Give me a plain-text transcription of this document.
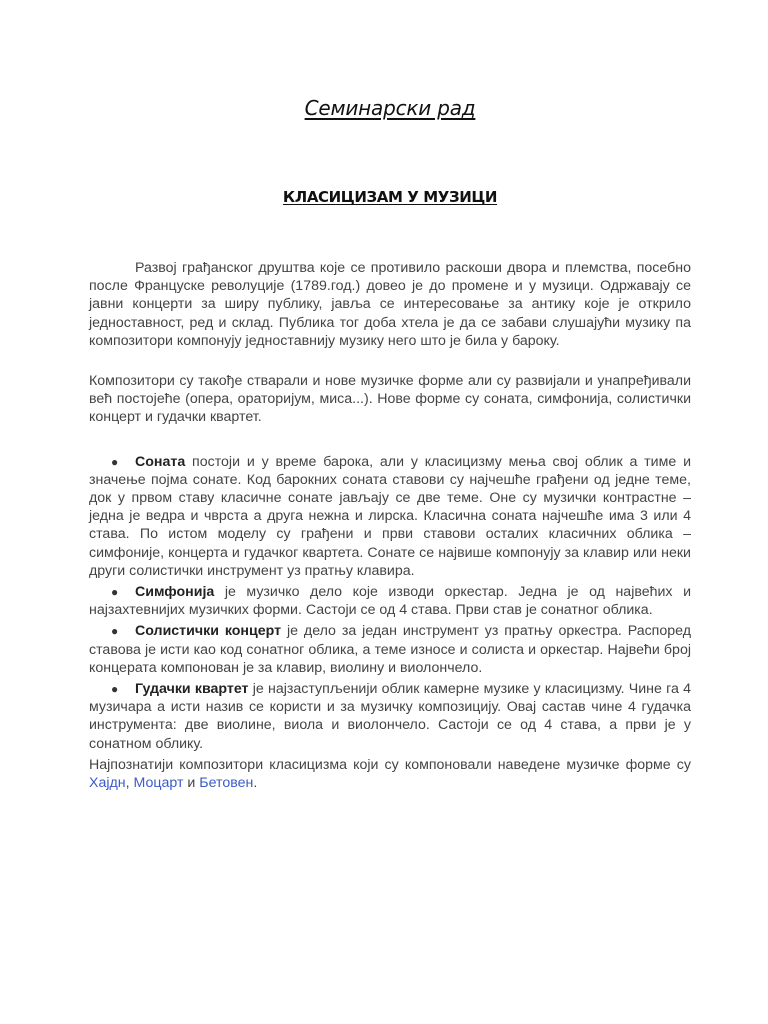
Семинарски рад
КЛАСИЦИЗАМ У МУЗИЦИ

Развој грађанског друштва које се противило раскоши двора и племства, посебно после Француске револуције (1789.год.) довео је до промене и у музици. Одржавају се јавни концерти за ширу публику, јавља се интересовање за антику које је открило једноставност, ред и склад. Публика тог доба хтела је да се забави слушајући музику па композитори компонују једноставнију музику него што је била у бароку.

Композитори су такође стварали и нове музичке форме али су развијали и унапређивали већ постојеће (опера, ораторијум, миса...). Нове форме су соната, симфонија, солистички концерт и гудачки квартет.

● Соната постоји и у време барока, али у класицизму мења свој облик а тиме и значење појма сонате. Код барокних соната ставови су најчешће грађени од једне теме, док у првом ставу класичне сонате јављају се две теме. Оне су музички контрастне – једна је ведра и чврста а друга нежна и лирска. Класична соната најчешће има 3 или 4 става. По истом моделу су грађени и први ставови осталих класичних облика – симфоније, концерта и гудачког квартета. Сонате се највише компонују за клавир или неки други солистички инструмент уз пратњу клавира.
● Симфонија је музичко дело које изводи оркестар. Једна је од највећих и најзахтевнијих музичких форми. Састоји се од 4 става. Први став је сонатног облика.
● Солистички концерт је дело за један инструмент уз пратњу оркестра. Распоред ставова је исти као код сонатног облика, а теме износе и солиста и оркестар. Највећи број концерата компонован је за клавир, виолину и виолончело.
● Гудачки квартет је најзаступљенији облик камерне музике у класицизму. Чине га 4 музичара а исти назив се користи и за музичку композицију. Овај састав чине 4 гудачка инструмента: две виолине, виола и виолончело. Састоји се од 4 става, а први је у сонатном облику.

Најпознатији композитори класицизма који су компоновали наведене музичке форме су Хајдн, Моцарт и Бетовен.
